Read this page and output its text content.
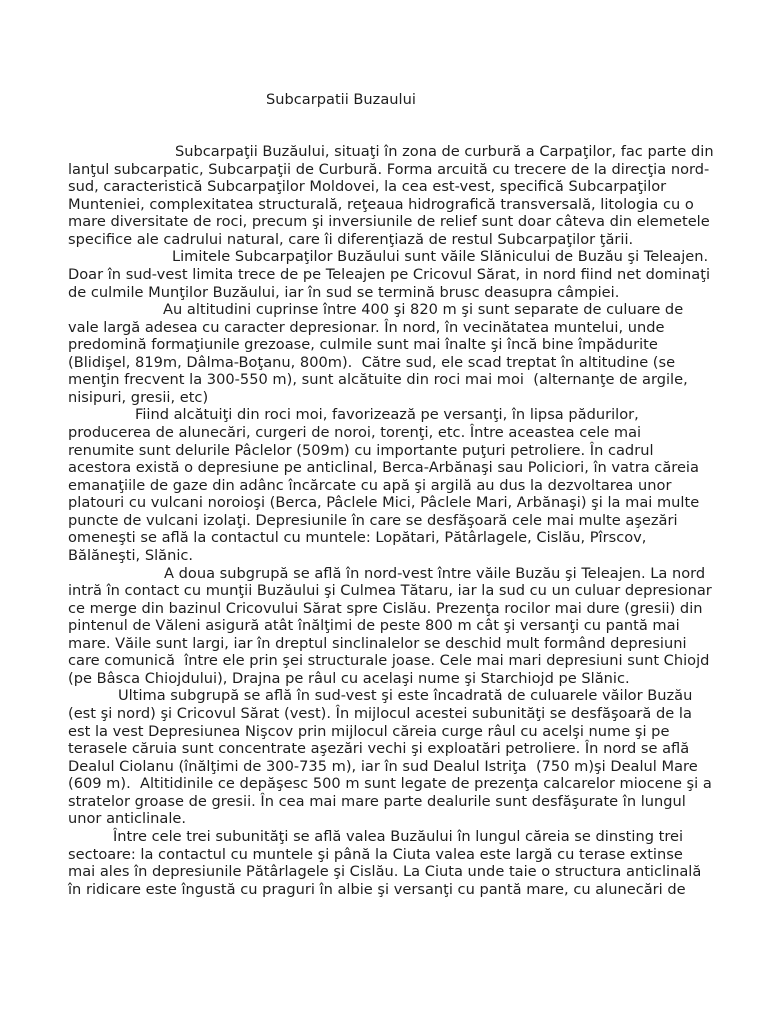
Subcarpatii Buzaului
Subcarpaţii Buzăului, situaţi în zona de curbură a Carpaţilor, fac parte din
lanţul subcarpatic, Subcarpaţii de Curbură. Forma arcuită cu trecere de la direcţia nord-
sud, caracteristică Subcarpaţilor Moldovei, la cea est-vest, specifică Subcarpaţilor
Munteniei, complexitatea structurală, reţeaua hidrografică transversală, litologia cu o
mare diversitate de roci, precum şi inversiunile de relief sunt doar câteva din elemetele
specifice ale cadrului natural, care îi diferenţiază de restul Subcarpaţilor ţării.
Limitele Subcarpaţilor Buzăului sunt văile Slănicului de Buzău şi Teleajen.
Doar în sud-vest limita trece de pe Teleajen pe Cricovul Sărat, in nord fiind net dominaţi
de culmile Munţilor Buzăului, iar în sud se termină brusc deasupra câmpiei.
Au altitudini cuprinse între 400 şi 820 m şi sunt separate de culuare de
vale largă adesea cu caracter depresionar. În nord, în vecinătatea muntelui, unde
predomină formaţiunile grezoase, culmile sunt mai înalte şi încă bine împădurite
(Blidişel, 819m, Dâlma-Boţanu, 800m).  Către sud, ele scad treptat în altitudine (se
menţin frecvent la 300-550 m), sunt alcătuite din roci mai moi  (alternanţe de argile,
nisipuri, gresii, etc)
Fiind alcătuiţi din roci moi, favorizează pe versanţi, în lipsa pădurilor,
producerea de alunecări, curgeri de noroi, torenţi, etc. Între aceastea cele mai
renumite sunt delurile Pâclelor (509m) cu importante puţuri petroliere. În cadrul
acestora există o depresiune pe anticlinal, Berca-Arbănaşi sau Policiori, în vatra căreia
emanaţiile de gaze din adânc încărcate cu apă şi argilă au dus la dezvoltarea unor
platouri cu vulcani noroioşi (Berca, Pâclele Mici, Pâclele Mari, Arbănaşi) şi la mai multe
puncte de vulcani izolaţi. Depresiunile în care se desfăşoară cele mai multe aşezări
omeneşti se află la contactul cu muntele: Lopătari, Pătârlagele, Cislău, Pîrscov,
Bălăneşti, Slănic.
A doua subgrupă se află în nord-vest între văile Buzău şi Teleajen. La nord
intră în contact cu munţii Buzăului şi Culmea Tătaru, iar la sud cu un culuar depresionar
ce merge din bazinul Cricovului Sărat spre Cislău. Prezenţa rocilor mai dure (gresii) din
pintenul de Văleni asigură atât înălţimi de peste 800 m cât şi versanţi cu pantă mai
mare. Văile sunt largi, iar în dreptul sinclinalelor se deschid mult formând depresiuni
care comunică  între ele prin şei structurale joase. Cele mai mari depresiuni sunt Chiojd
(pe Bâsca Chiojdului), Drajna pe râul cu acelaşi nume şi Starchiojd pe Slănic.
Ultima subgrupă se află în sud-vest şi este încadrată de culuarele văilor Buzău
(est şi nord) şi Cricovul Sărat (vest). În mijlocul acestei subunităţi se desfăşoară de la
est la vest Depresiunea Nişcov prin mijlocul căreia curge râul cu acelşi nume şi pe
terasele căruia sunt concentrate aşezări vechi şi exploatări petroliere. În nord se află
Dealul Ciolanu (înălţimi de 300-735 m), iar în sud Dealul Istriţa  (750 m)şi Dealul Mare
(609 m).  Altitidinile ce depăşesc 500 m sunt legate de prezenţa calcarelor miocene şi a
stratelor groase de gresii. În cea mai mare parte dealurile sunt desfăşurate în lungul
unor anticlinale.
Între cele trei subunităţi se află valea Buzăului în lungul căreia se dinsting trei
sectoare: la contactul cu muntele şi până la Ciuta valea este largă cu terase extinse
mai ales în depresiunile Pătârlagele şi Cislău. La Ciuta unde taie o structura anticlinală
în ridicare este îngustă cu praguri în albie şi versanţi cu pantă mare, cu alunecări de
